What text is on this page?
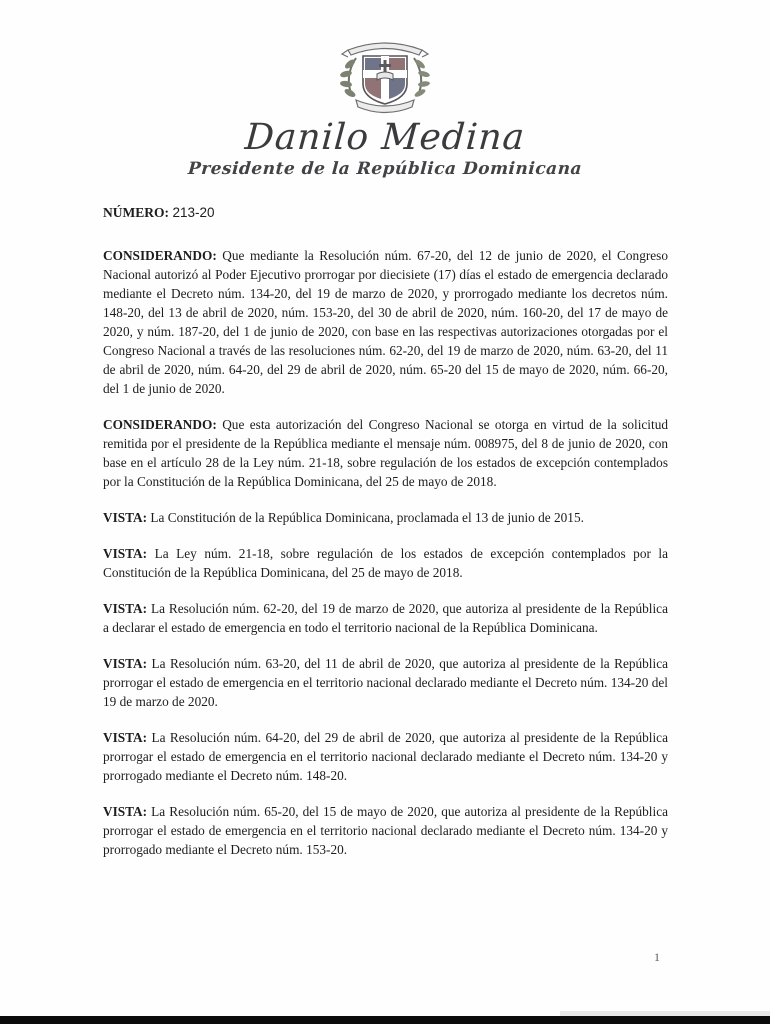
Danilo Medina
Presidente de la República Dominicana

NÚMERO: 213-20

CONSIDERANDO: Que mediante la Resolución núm. 67-20, del 12 de junio de 2020, el Congreso Nacional autorizó al Poder Ejecutivo prorrogar por diecisiete (17) días el estado de emergencia declarado mediante el Decreto núm. 134-20, del 19 de marzo de 2020, y prorrogado mediante los decretos núm. 148-20, del 13 de abril de 2020, núm. 153-20, del 30 de abril de 2020, núm. 160-20, del 17 de mayo de 2020, y núm. 187-20, del 1 de junio de 2020, con base en las respectivas autorizaciones otorgadas por el Congreso Nacional a través de las resoluciones núm. 62-20, del 19 de marzo de 2020, núm. 63-20, del 11 de abril de 2020, núm. 64-20, del 29 de abril de 2020, núm. 65-20 del 15 de mayo de 2020, núm. 66-20, del 1 de junio de 2020.

CONSIDERANDO: Que esta autorización del Congreso Nacional se otorga en virtud de la solicitud remitida por el presidente de la República mediante el mensaje núm. 008975, del 8 de junio de 2020, con base en el artículo 28 de la Ley núm. 21-18, sobre regulación de los estados de excepción contemplados por la Constitución de la República Dominicana, del 25 de mayo de 2018.

VISTA: La Constitución de la República Dominicana, proclamada el 13 de junio de 2015.

VISTA: La Ley núm. 21-18, sobre regulación de los estados de excepción contemplados por la Constitución de la República Dominicana, del 25 de mayo de 2018.

VISTA: La Resolución núm. 62-20, del 19 de marzo de 2020, que autoriza al presidente de la República a declarar el estado de emergencia en todo el territorio nacional de la República Dominicana.

VISTA: La Resolución núm. 63-20, del 11 de abril de 2020, que autoriza al presidente de la República prorrogar el estado de emergencia en el territorio nacional declarado mediante el Decreto núm. 134-20 del 19 de marzo de 2020.

VISTA: La Resolución núm. 64-20, del 29 de abril de 2020, que autoriza al presidente de la República prorrogar el estado de emergencia en el territorio nacional declarado mediante el Decreto núm. 134-20 y prorrogado mediante el Decreto núm. 148-20.

VISTA: La Resolución núm. 65-20, del 15 de mayo de 2020, que autoriza al presidente de la República prorrogar el estado de emergencia en el territorio nacional declarado mediante el Decreto núm. 134-20 y prorrogado mediante el Decreto núm. 153-20.

1
